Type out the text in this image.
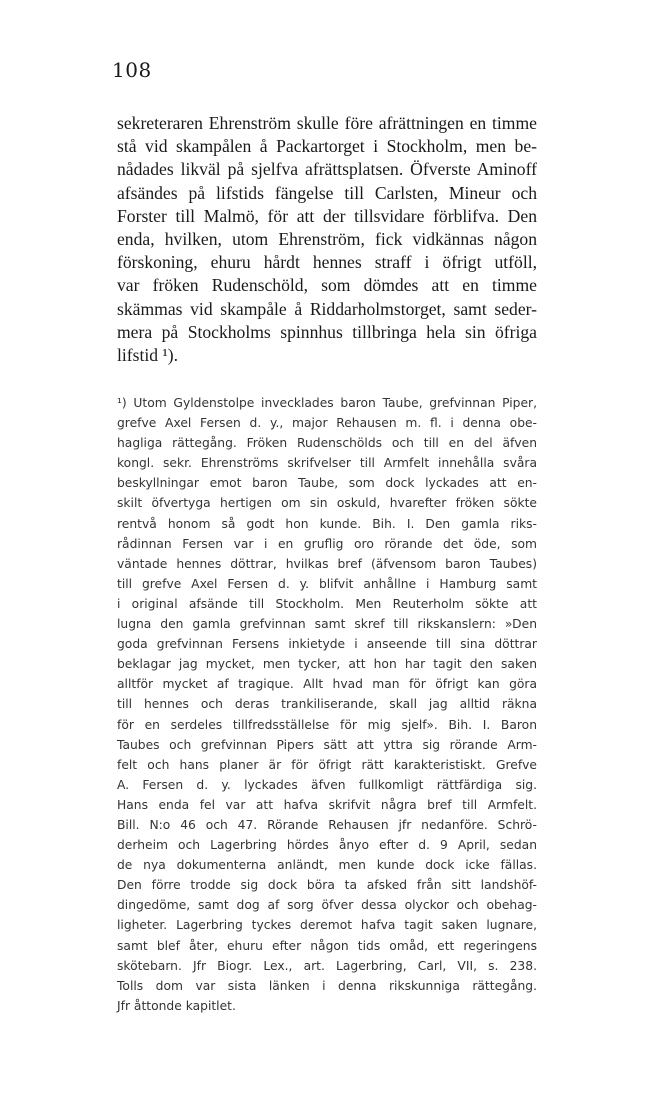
108
sekreteraren Ehrenström skulle före afrättningen en timme
stå vid skampålen å Packartorget i Stockholm, men be-
nådades likväl på sjelfva afrättsplatsen. Öfverste Aminoff
afsändes på lifstids fängelse till Carlsten, Mineur och
Forster till Malmö, för att der tillsvidare förblifva. Den
enda, hvilken, utom Ehrenström, fick vidkännas någon
förskoning, ehuru hårdt hennes straff i öfrigt utföll,
var fröken Rudenschöld, som dömdes att en timme
skämmas vid skampåle å Riddarholmstorget, samt seder-
mera på Stockholms spinnhus tillbringa hela sin öfriga
lifstid ¹).
¹) Utom Gyldenstolpe invecklades baron Taube, grefvinnan Piper,
grefve Axel Fersen d. y., major Rehausen m. fl. i denna obe-
hagliga rättegång. Fröken Rudenschölds och till en del äfven
kongl. sekr. Ehrenströms skrifvelser till Armfelt innehålla svåra
beskyllningar emot baron Taube, som dock lyckades att en-
skilt öfvertyga hertigen om sin oskuld, hvarefter fröken sökte
rentvå honom så godt hon kunde. Bih. I. Den gamla riks-
rådinnan Fersen var i en gruflig oro rörande det öde, som
väntade hennes döttrar, hvilkas bref (äfvensom baron Taubes)
till grefve Axel Fersen d. y. blifvit anhållne i Hamburg samt
i original afsände till Stockholm. Men Reuterholm sökte att
lugna den gamla grefvinnan samt skref till rikskanslern: »Den
goda grefvinnan Fersens inkietyde i anseende till sina döttrar
beklagar jag mycket, men tycker, att hon har tagit den saken
alltför mycket af tragique. Allt hvad man för öfrigt kan göra
till hennes och deras trankiliserande, skall jag alltid räkna
för en serdeles tillfredsställelse för mig sjelf». Bih. I. Baron
Taubes och grefvinnan Pipers sätt att yttra sig rörande Arm-
felt och hans planer är för öfrigt rätt karakteristiskt. Grefve
A. Fersen d. y. lyckades äfven fullkomligt rättfärdiga sig.
Hans enda fel var att hafva skrifvit några bref till Armfelt.
Bill. N:o 46 och 47. Rörande Rehausen jfr nedanföre. Schrö-
derheim och Lagerbring hördes ånyo efter d. 9 April, sedan
de nya dokumenterna anländt, men kunde dock icke fällas.
Den förre trodde sig dock böra ta afsked från sitt landshöf-
dingedöme, samt dog af sorg öfver dessa olyckor och obehag-
ligheter. Lagerbring tyckes deremot hafva tagit saken lugnare,
samt blef åter, ehuru efter någon tids omåd, ett regeringens
skötebarn. Jfr Biogr. Lex., art. Lagerbring, Carl, VII, s. 238.
Tolls dom var sista länken i denna rikskunniga rättegång.
Jfr åttonde kapitlet.
